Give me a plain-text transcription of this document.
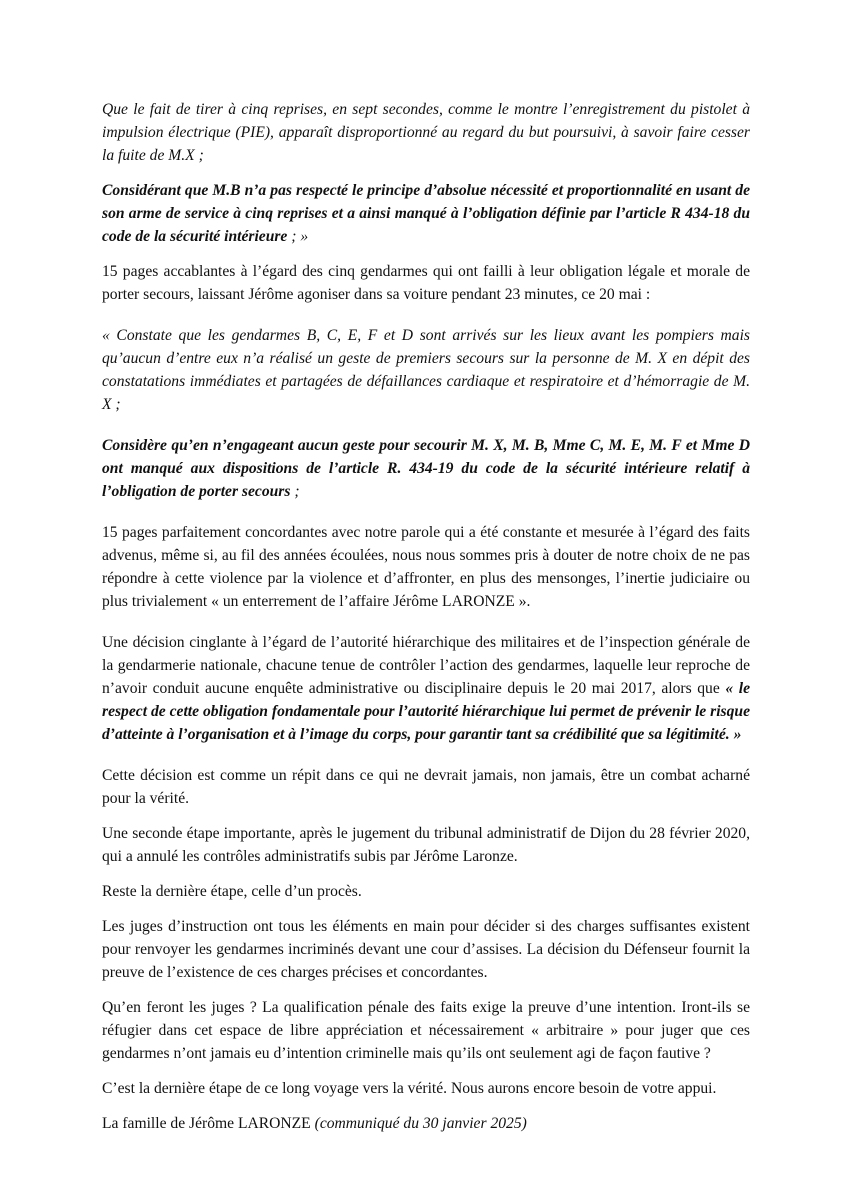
Que le fait de tirer à cinq reprises, en sept secondes, comme le montre l’enregistrement du pistolet à impulsion électrique (PIE), apparaît disproportionné au regard du but poursuivi, à savoir faire cesser la fuite de M.X ;

Considérant que M.B n’a pas respecté le principe d’absolue nécessité et proportionnalité en usant de son arme de service à cinq reprises et a ainsi manqué à l’obligation définie par l’article R 434-18 du code de la sécurité intérieure ; »

15 pages accablantes à l’égard des cinq gendarmes qui ont failli à leur obligation légale et morale de porter secours, laissant Jérôme agoniser dans sa voiture pendant 23 minutes, ce 20 mai :

« Constate que les gendarmes B, C, E, F et D sont arrivés sur les lieux avant les pompiers mais qu’aucun d’entre eux n’a réalisé un geste de premiers secours sur la personne de M. X en dépit des constatations immédiates et partagées de défaillances cardiaque et respiratoire et d’hémorragie de M. X ;

Considère qu’en n’engageant aucun geste pour secourir M. X, M. B, Mme C, M. E, M. F et Mme D ont manqué aux dispositions de l’article R. 434-19 du code de la sécurité intérieure relatif à l’obligation de porter secours ;

15 pages parfaitement concordantes avec notre parole qui a été constante et mesurée à l’égard des faits advenus, même si, au fil des années écoulées, nous nous sommes pris à douter de notre choix de ne pas répondre à cette violence par la violence et d’affronter, en plus des mensonges, l’inertie judiciaire ou plus trivialement « un enterrement de l’affaire Jérôme LARONZE ».

Une décision cinglante à l’égard de l’autorité hiérarchique des militaires et de l’inspection générale de la gendarmerie nationale, chacune tenue de contrôler l’action des gendarmes, laquelle leur reproche de n’avoir conduit aucune enquête administrative ou disciplinaire depuis le 20 mai 2017, alors que « le respect de cette obligation fondamentale pour l’autorité hiérarchique lui permet de prévenir le risque d’atteinte à l’organisation et à l’image du corps, pour garantir tant sa crédibilité que sa légitimité. »

Cette décision est comme un répit dans ce qui ne devrait jamais, non jamais, être un combat acharné pour la vérité.

Une seconde étape importante, après le jugement du tribunal administratif de Dijon du 28 février 2020, qui a annulé les contrôles administratifs subis par Jérôme Laronze.

Reste la dernière étape, celle d’un procès.

Les juges d’instruction ont tous les éléments en main pour décider si des charges suffisantes existent pour renvoyer les gendarmes incriminés devant une cour d’assises. La décision du Défenseur fournit la preuve de l’existence de ces charges précises et concordantes.

Qu’en feront les juges ? La qualification pénale des faits exige la preuve d’une intention. Iront-ils se réfugier dans cet espace de libre appréciation et nécessairement « arbitraire » pour juger que ces gendarmes n’ont jamais eu d’intention criminelle mais qu’ils ont seulement agi de façon fautive ?

C’est la dernière étape de ce long voyage vers la vérité. Nous aurons encore besoin de votre appui.

La famille de Jérôme LARONZE (communiqué du 30 janvier 2025)
